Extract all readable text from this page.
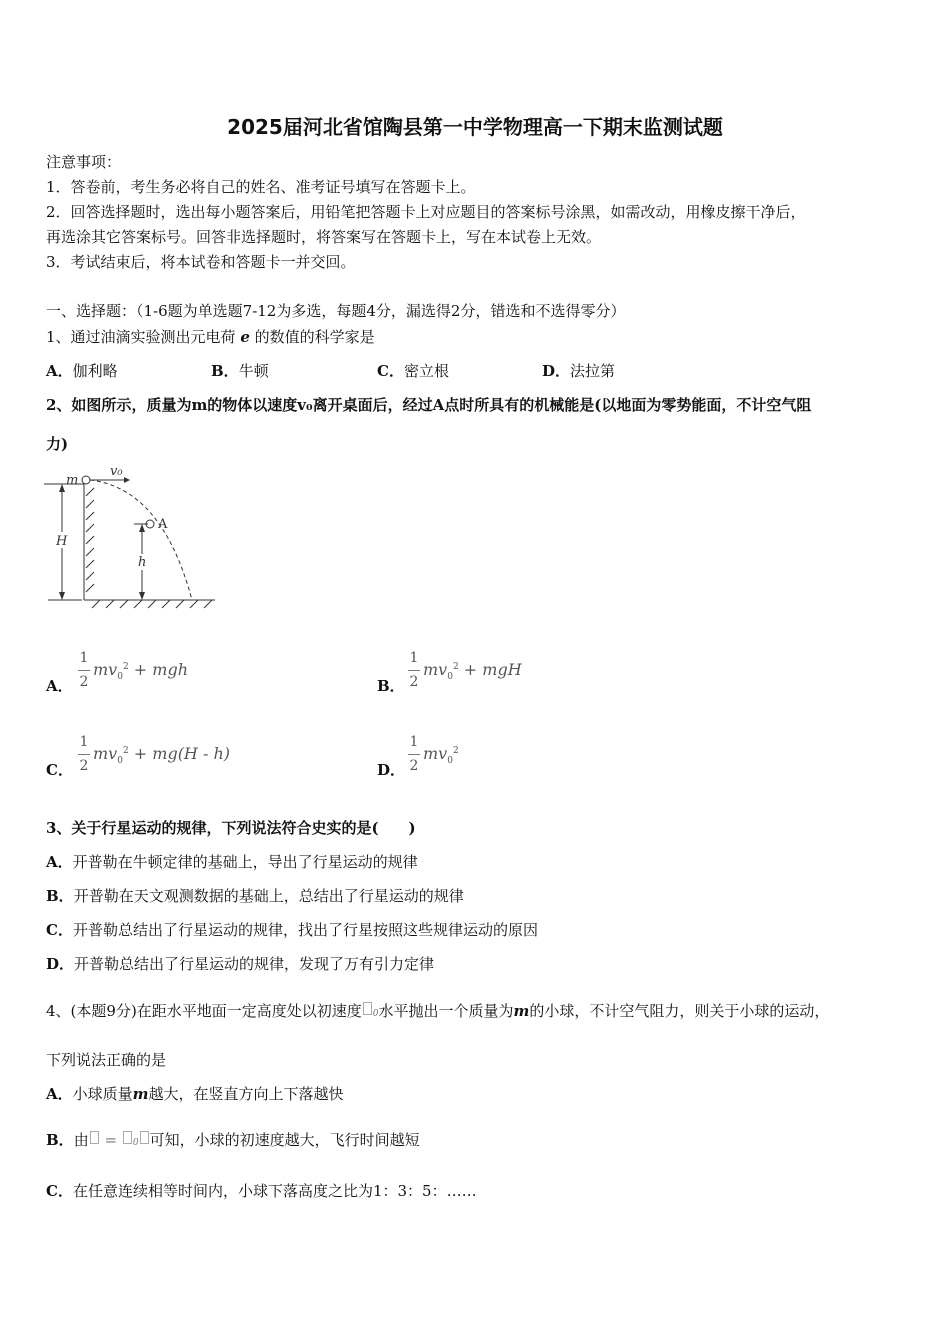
2025届河北省馆陶县第一中学物理高一下期末监测试题
注意事项：
1．答卷前，考生务必将自己的姓名、准考证号填写在答题卡上。
2．回答选择题时，选出每小题答案后，用铅笔把答题卡上对应题目的答案标号涂黑，如需改动，用橡皮擦干净后，
再选涂其它答案标号。回答非选择题时，将答案写在答题卡上，写在本试卷上无效。
3．考试结束后，将本试卷和答题卡一并交回。
一、选择题：（1-6题为单选题7-12为多选，每题4分，漏选得2分，错选和不选得零分）
1、通过油滴实验测出元电荷 e 的数值的科学家是
A．伽利略	B．牛顿	C．密立根	D．法拉第
2、如图所示，质量为m的物体以速度v₀离开桌面后，经过A点时所具有的机械能是(以地面为零势能面，不计空气阻
力)
m
v₀
A
H
h
A．
1
2
$mv_0^2$ + mgh
B．
1
2
$mv_0^2$ + mgH
C．
1
2
$mv_0^2 + mg(H - h)$
D．
1
2
$mv_0^2$
3、关于行星运动的规律，下列说法符合史实的是(　　)
A．开普勒在牛顿定律的基础上，导出了行星运动的规律
B．开普勒在天文观测数据的基础上，总结出了行星运动的规律
C．开普勒总结出了行星运动的规律，找出了行星按照这些规律运动的原因
D．开普勒总结出了行星运动的规律，发现了万有引力定律
4、(本题9分)在距水平地面一定高度处以初速度 0水平抛出一个质量为m的小球，不计空气阻力，则关于小球的运动，
下列说法正确的是
A．小球质量m越大，在竖直方向上下落越快
B．由 = 0 可知，小球的初速度越大，飞行时间越短
C．在任意连续相等时间内，小球下落高度之比为1：3：5：……
